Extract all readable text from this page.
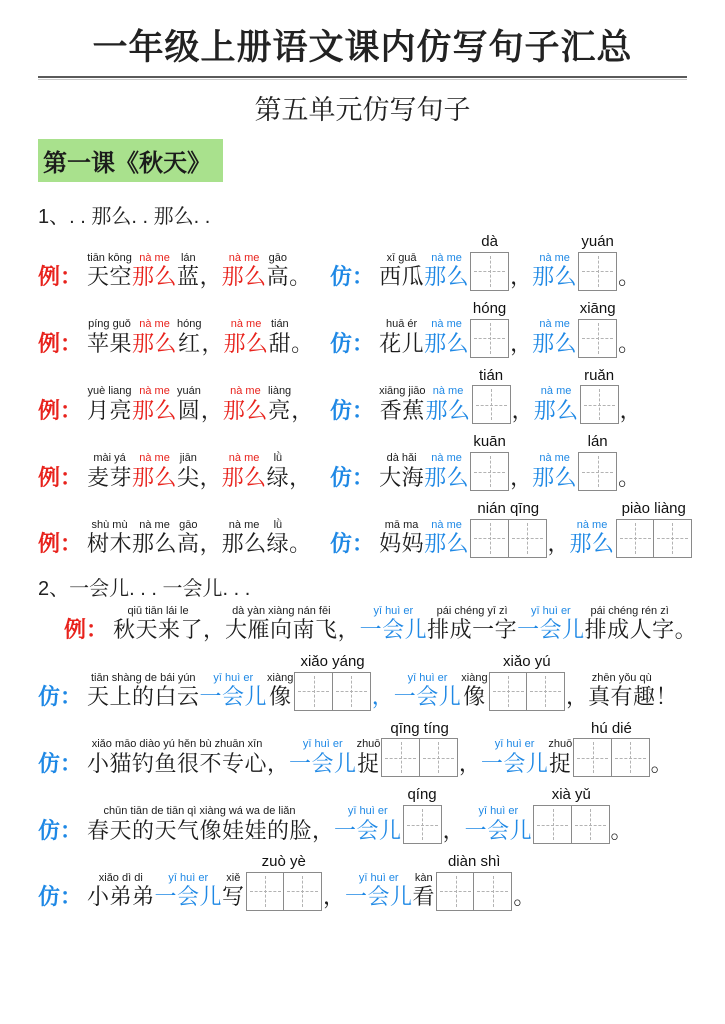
一年级上册语文课内仿写句子汇总
第五单元仿写句子
第一课《秋天》
1、. . 那么. . 那么. .
例：
tiān kōng
天空
nà me
那么
lán
蓝 ，
nà me
那么
gāo
高 。 仿：
xī guā
西瓜
nà me
那么
dà
，
nà me
那么
yuán
。
例：
píng guǒ
苹果
nà me
那么
hóng
红 ，
nà me
那么
tián
甜 。 仿：
huā ér
花儿
nà me
那么
hóng
，
nà me
那么
xiāng
。
例：
yuè liang
月亮
nà me
那么
yuán
圆 ，
nà me
那么
liàng
亮 ， 仿：
xiāng jiāo
香蕉
nà me
那么
tián
，
nà me
那么
ruǎn
，
例：
mài yá
麦芽
nà me
那么
jiān
尖 ，
nà me
那么
lǜ
绿 ， 仿：
dà hǎi
大海
nà me
那么
kuān
，
nà me
那么
lán
。
例：
shù mù
树木
nà me
那么
gāo
高 ，
nà me
那么
lǜ
绿 。 仿：
mā ma
妈妈
nà me
那么
nián qīng
，
nà me
那么
piào liàng
2、一会儿. . . 一会儿. . .
例：
qiū tiān lái le
秋天来了 ，
dà yàn xiàng nán fēi
大雁向南飞 ，
yī huì er
一会儿
pái chéng yī zì
排成一字
yī huì er
一会儿
pái chéng rén zì
排成人字 。
仿：
tiān shàng de bái yún
天上的白云
yī huì er
一会儿
xiàng
像
xiǎo yáng
，
yī huì er
一会儿
xiàng
像
xiǎo yú
，
zhēn yǒu qù
真有趣 ！
仿：
xiǎo māo diào yú hěn bù zhuān xīn
小猫钓鱼很不专心 ，
yī huì er
一会儿
zhuō
捉
qīng tíng
，
yī huì er
一会儿
zhuō
捉
hú dié
。
仿：
chūn tiān de tiān qì xiàng wá wa de liǎn
春天的天气像娃娃的脸 ，
yī huì er
一会儿
qíng
，
yī huì er
一会儿
xià yǔ
。
仿：
xiǎo dì di
小弟弟
yī huì er
一会儿
xiě
写
zuò yè
，
yī huì er
一会儿
kàn
看
diàn shì
。
